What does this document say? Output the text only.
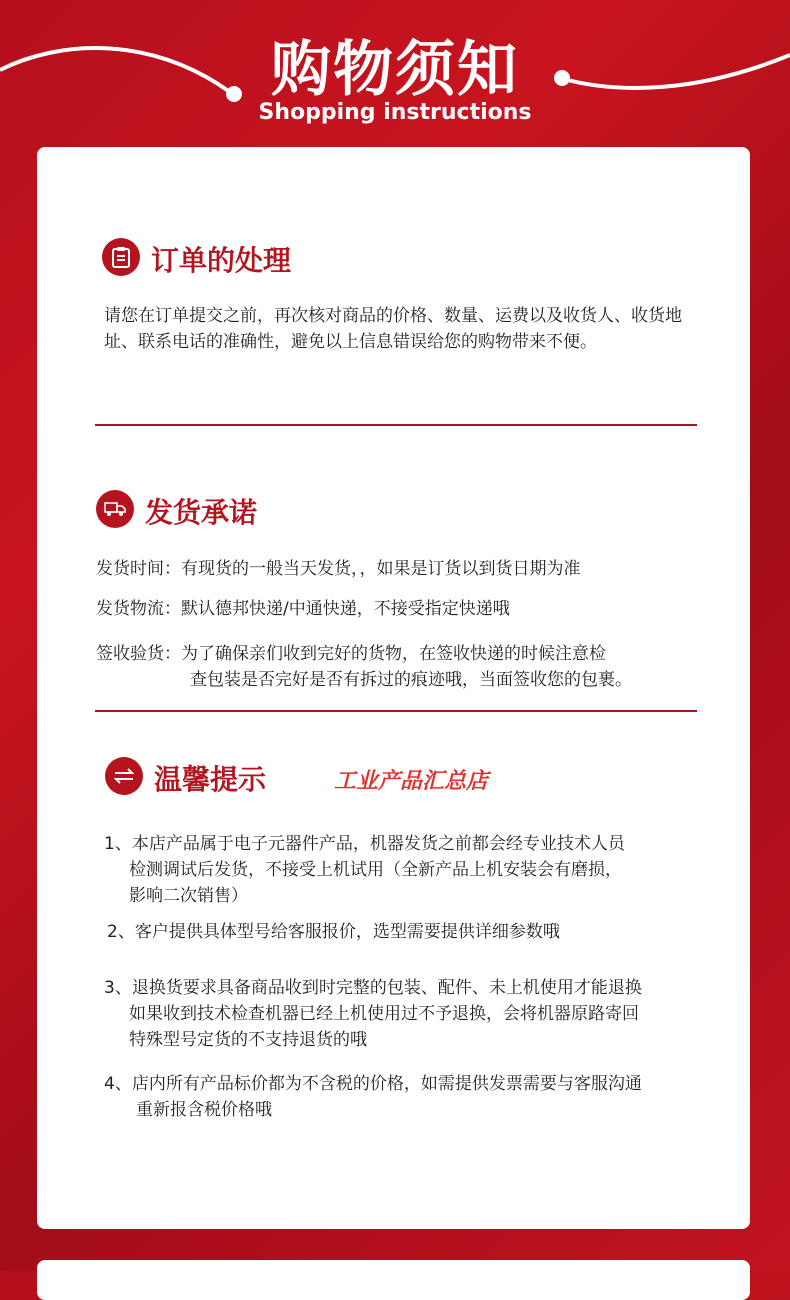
购物须知
Shopping instructions
订单的处理
请您在订单提交之前，再次核对商品的价格、数量、运费以及收货人、收货地址、联系电话的准确性，避免以上信息错误给您的购物带来不便。
发货承诺
发货时间：有现货的一般当天发货，，如果是订货以到货日期为准
发货物流：默认德邦快递/中通快递，不接受指定快递哦
签收验货：为了确保亲们收到完好的货物，在签收快递的时候注意检
查包装是否完好是否有拆过的痕迹哦，当面签收您的包裹。
温馨提示	工业产品汇总店
1、本店产品属于电子元器件产品，机器发货之前都会经专业技术人员
检测调试后发货，不接受上机试用（全新产品上机安装会有磨损，
影响二次销售）
2、客户提供具体型号给客服报价，选型需要提供详细参数哦
3、退换货要求具备商品收到时完整的包装、配件、未上机使用才能退换
如果收到技术检查机器已经上机使用过不予退换，会将机器原路寄回
特殊型号定货的不支持退货的哦
4、店内所有产品标价都为不含税的价格，如需提供发票需要与客服沟通
重新报含税价格哦
